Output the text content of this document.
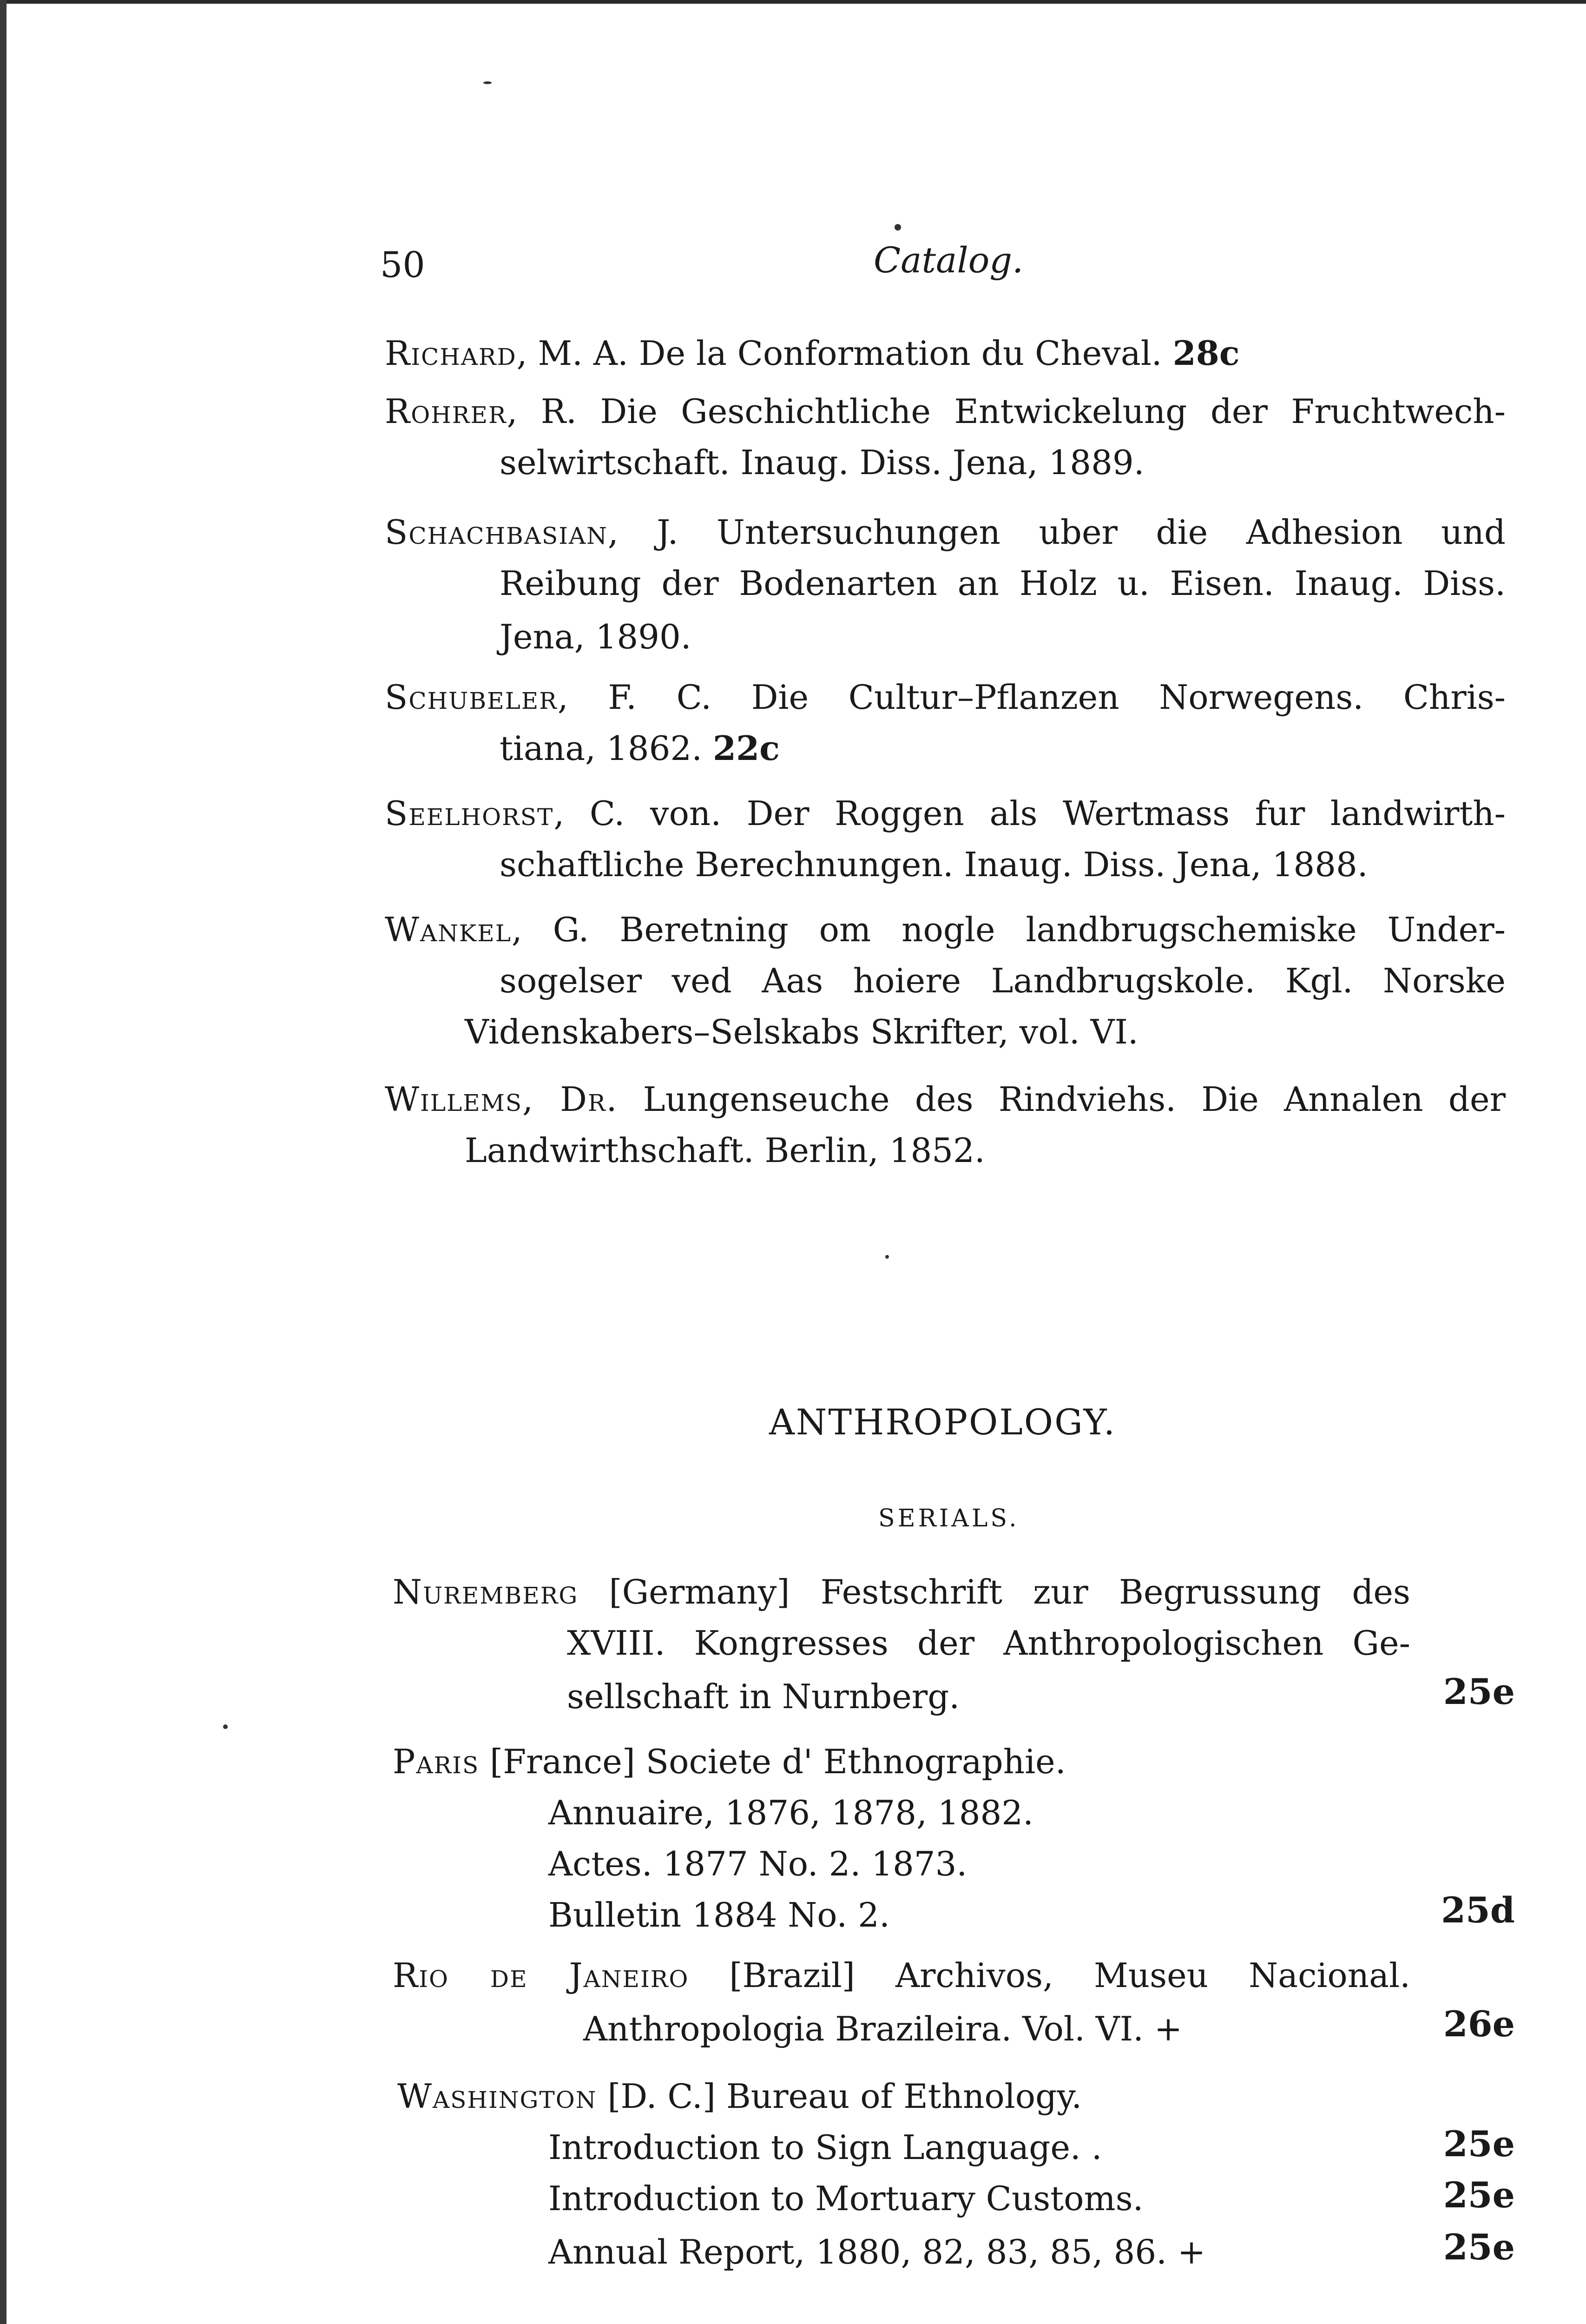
50	Catalog.
Richard, M. A. De la Conformation du Cheval. 28c
Rohrer, R. Die Geschichtliche Entwickelung der Fruchtwech-
selwirtschaft. Inaug. Diss. Jena, 1889.
Schachbasian, J. Untersuchungen uber die Adhesion und
Reibung der Bodenarten an Holz u. Eisen. Inaug. Diss.
Jena, 1890.
Schubeler, F. C. Die Cultur–Pflanzen Norwegens. Chris-
tiana, 1862. 22c
Seelhorst, C. von. Der Roggen als Wertmass fur landwirth-
schaftliche Berechnungen. Inaug. Diss. Jena, 1888.
Wankel, G. Beretning om nogle landbrugschemiske Under-
sogelser ved Aas hoiere Landbrugskole. Kgl. Norske
Videnskabers–Selskabs Skrifter, vol. VI.
Willems, Dr. Lungenseuche des Rindviehs. Die Annalen der
Landwirthschaft. Berlin, 1852.
ANTHROPOLOGY.
SERIALS.
Nuremberg [Germany] Festschrift zur Begrussung des
XVIII. Kongresses der Anthropologischen Ge-
sellschaft in Nurnberg.	25e
Paris [France] Societe d' Ethnographie.
Annuaire, 1876, 1878, 1882.
Actes. 1877 No. 2. 1873.
Bulletin 1884 No. 2.	25d
Rio de Janeiro [Brazil] Archivos, Museu Nacional.
Anthropologia Brazileira. Vol. VI. +	26e
Washington [D. C.] Bureau of Ethnology.
Introduction to Sign Language. .	25e
Introduction to Mortuary Customs.	25e
Annual Report, 1880, 82, 83, 85, 86. +	25e
